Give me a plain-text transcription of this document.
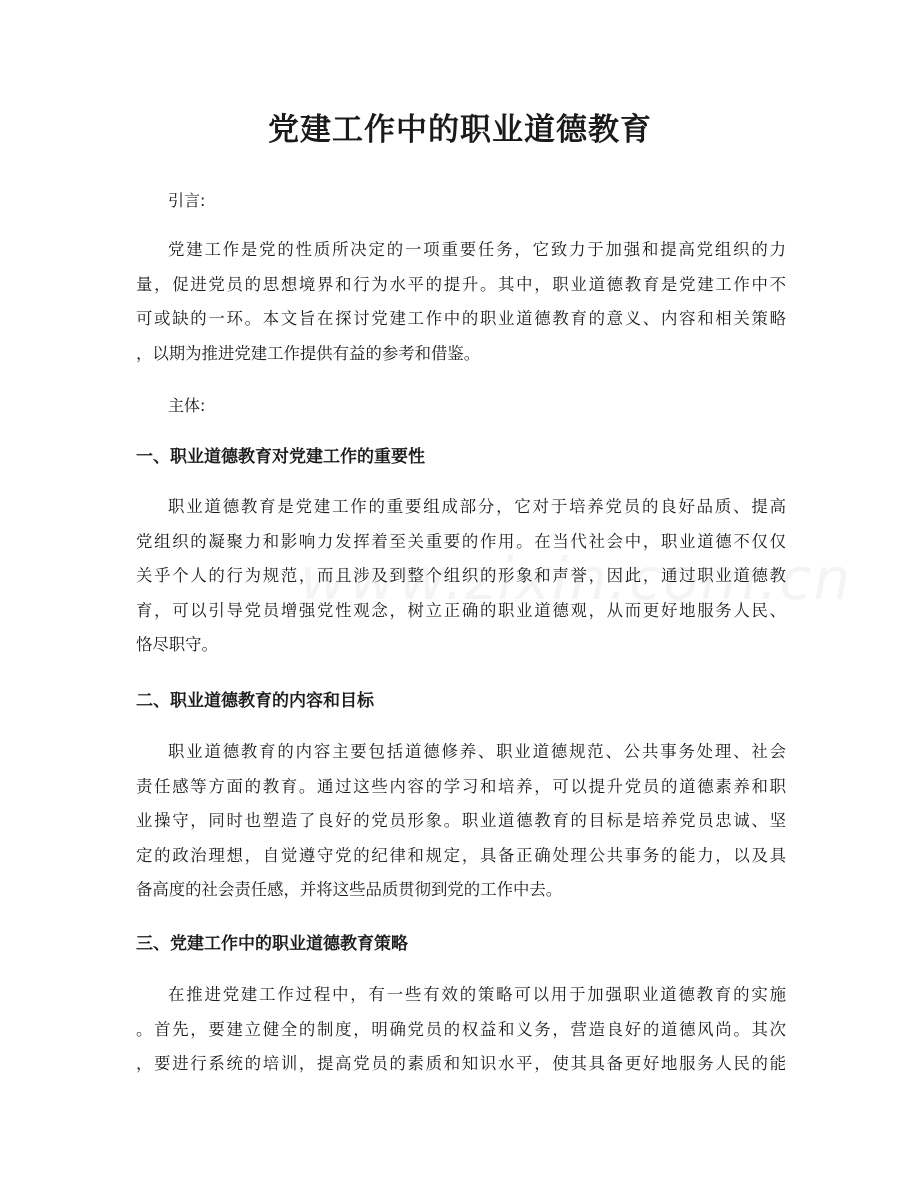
党建工作中的职业道德教育

引言:

党建工作是党的性质所决定的一项重要任务，它致力于加强和提高党组织的力
量，促进党员的思想境界和行为水平的提升。其中，职业道德教育是党建工作中不
可或缺的一环。本文旨在探讨党建工作中的职业道德教育的意义、内容和相关策略
，以期为推进党建工作提供有益的参考和借鉴。

主体:

一、职业道德教育对党建工作的重要性
职业道德教育是党建工作的重要组成部分，它对于培养党员的良好品质、提高
党组织的凝聚力和影响力发挥着至关重要的作用。在当代社会中，职业道德不仅仅
关乎个人的行为规范，而且涉及到整个组织的形象和声誉，因此，通过职业道德教
育，可以引导党员增强党性观念，树立正确的职业道德观，从而更好地服务人民、
恪尽职守。
二、职业道德教育的内容和目标
职业道德教育的内容主要包括道德修养、职业道德规范、公共事务处理、社会
责任感等方面的教育。通过这些内容的学习和培养，可以提升党员的道德素养和职
业操守，同时也塑造了良好的党员形象。职业道德教育的目标是培养党员忠诚、坚
定的政治理想，自觉遵守党的纪律和规定，具备正确处理公共事务的能力，以及具
备高度的社会责任感，并将这些品质贯彻到党的工作中去。
三、党建工作中的职业道德教育策略
在推进党建工作过程中，有一些有效的策略可以用于加强职业道德教育的实施
。首先，要建立健全的制度，明确党员的权益和义务，营造良好的道德风尚。其次
，要进行系统的培训，提高党员的素质和知识水平，使其具备更好地服务人民的能
